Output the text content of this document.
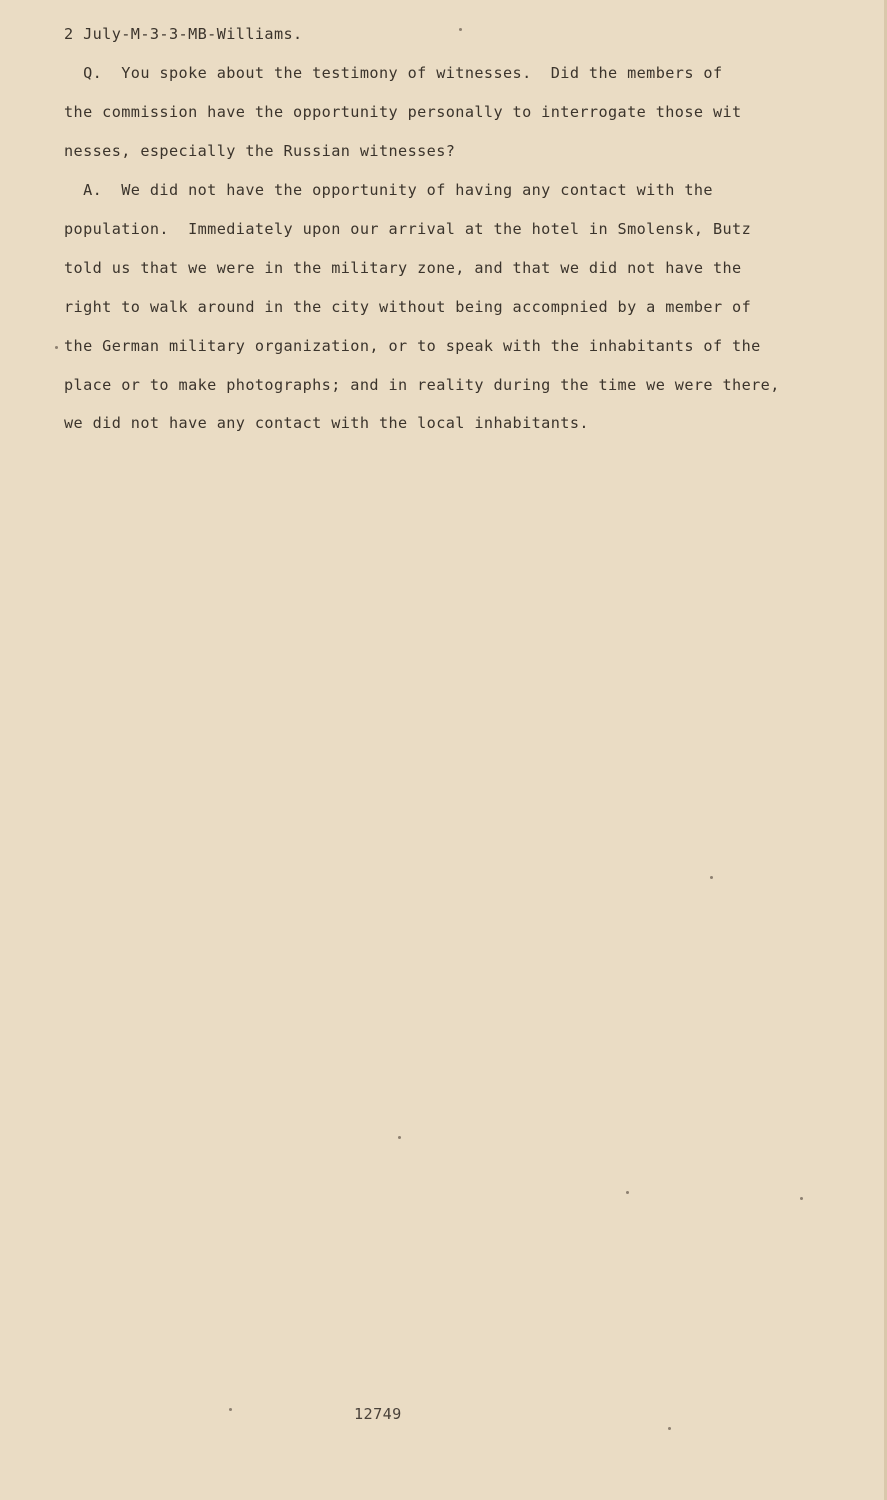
2 July-M-3-3-MB-Williams.
Q.  You spoke about the testimony of witnesses.  Did the members of
the commission have the opportunity personally to interrogate those wit
nesses, especially the Russian witnesses?
A.  We did not have the opportunity of having any contact with the
population.  Immediately upon our arrival at the hotel in Smolensk, Butz
told us that we were in the military zone, and that we did not have the
right to walk around in the city without being accompnied by a member of
the German military organization, or to speak with the inhabitants of the
place or to make photographs; and in reality during the time we were there,
we did not have any contact with the local inhabitants.
12749
